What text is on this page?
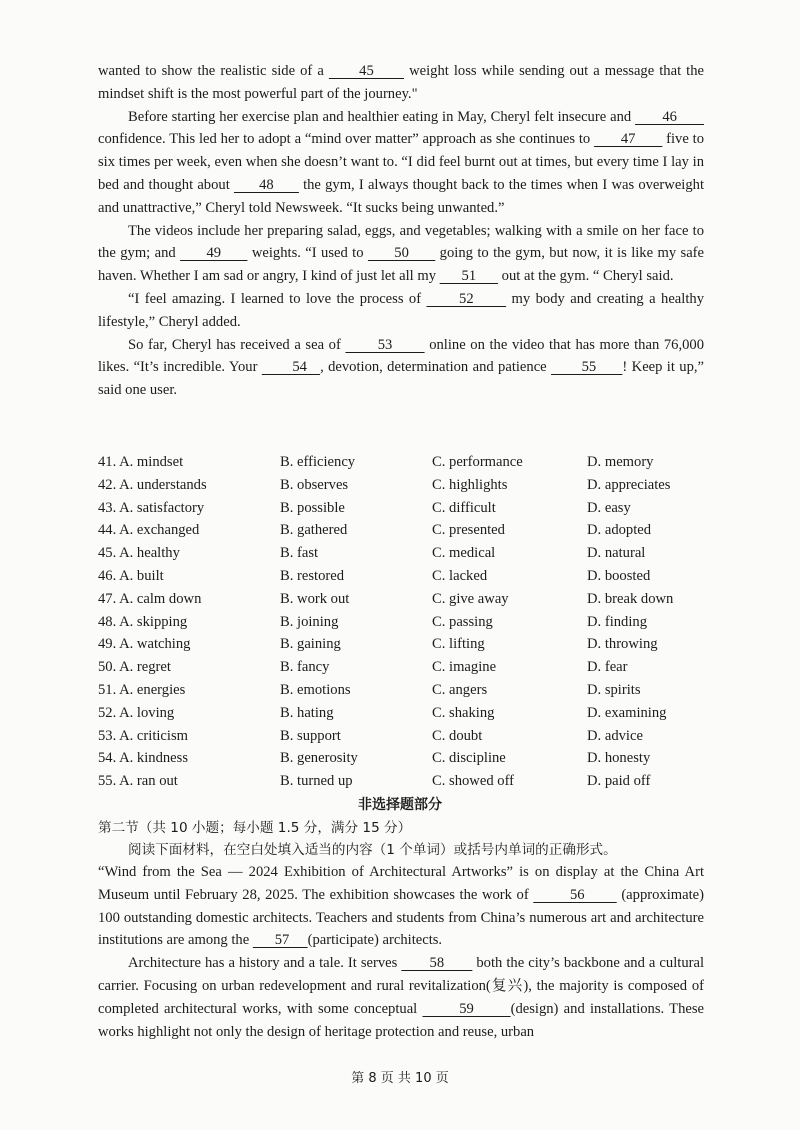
wanted to show the realistic side of a       45       weight loss while sending out a message that the mindset shift is the most powerful part of the journey."

Before starting her exercise plan and healthier eating in May, Cheryl felt insecure and        46        confidence. This led her to adopt a “mind over matter” approach as she continues to        47        five to six times per week, even when she doesn’t want to. “I did feel burnt out at times, but every time I lay in bed and thought about       48       the gym, I always thought back to the times when I was overweight and unattractive,” Cheryl told Newsweek. “It sucks being unwanted.”

The videos include her preparing salad, eggs, and vegetables; walking with a smile on her face to the gym; and       49       weights. “I used to       50       going to the gym, but now, it is like my safe haven. Whether I am sad or angry, I kind of just let all my       51       out at the gym. “ Cheryl said.

“I feel amazing. I learned to love the process of       52       my body and creating a healthy lifestyle,” Cheryl added.

So far, Cheryl has received a sea of        53        online on the video that has more than 76,000 likes. “It’s incredible. Your        54   , devotion, determination and patience        55      ! Keep it up,” said one user.

41. A. mindset	B. efficiency	C. performance	D. memory
42. A. understands	B. observes	C. highlights	D. appreciates
43. A. satisfactory	B. possible	C. difficult	D. easy
44. A. exchanged	B. gathered	C. presented	D. adopted
45. A. healthy	B. fast	C. medical	D. natural
46. A. built	B. restored	C. lacked	D. boosted
47. A. calm down	B. work out	C. give away	D. break down
48. A. skipping	B. joining	C. passing	D. finding
49. A. watching	B. gaining	C. lifting	D. throwing
50. A. regret	B. fancy	C. imagine	D. fear
51. A. energies	B. emotions	C. angers	D. spirits
52. A. loving	B. hating	C. shaking	D. examining
53. A. criticism	B. support	C. doubt	D. advice
54. A. kindness	B. generosity	C. discipline	D. honesty
55. A. ran out	B. turned up	C. showed off	D. paid off
非选择题部分
第二节（共 10 小题；每小题 1.5 分，满分 15 分）
阅读下面材料，在空白处填入适当的内容（1 个单词）或括号内单词的正确形式。

“Wind from the Sea — 2024 Exhibition of Architectural Artworks” is on display at the China Art Museum until February 28, 2025. The exhibition showcases the work of         56        (approximate) 100 outstanding domestic architects. Teachers and students from China’s numerous art and architecture institutions are among the       57     (participate) architects.

Architecture has a history and a tale. It serves        58        both the city’s backbone and a cultural carrier. Focusing on urban redevelopment and rural revitalization(复兴), the majority is composed of completed architectural works, with some conceptual        59       (design) and installations. These works highlight not only the design of heritage protection and reuse, urban

第 8 页 共 10 页
